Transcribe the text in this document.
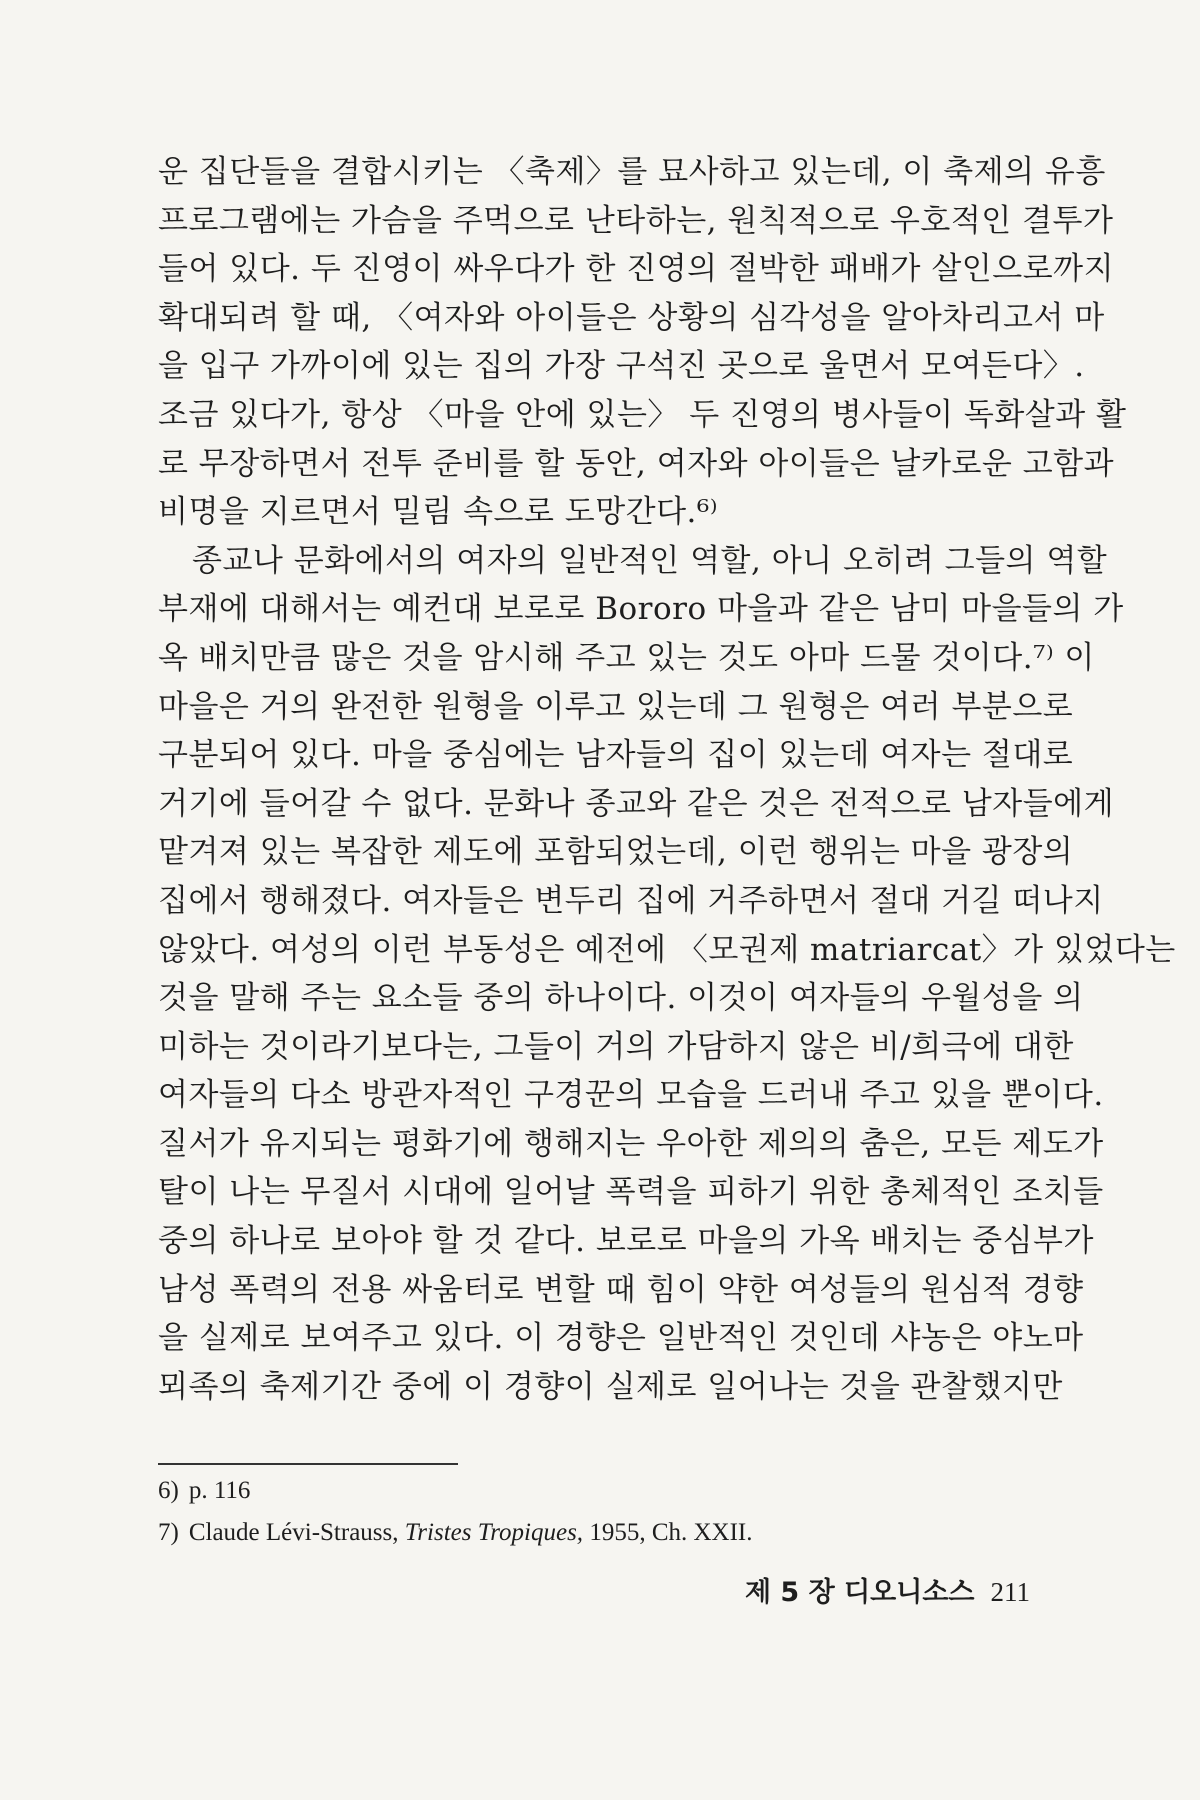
운 집단들을 결합시키는 〈축제〉를 묘사하고 있는데, 이 축제의 유흥
프로그램에는 가슴을 주먹으로 난타하는, 원칙적으로 우호적인 결투가
들어 있다. 두 진영이 싸우다가 한 진영의 절박한 패배가 살인으로까지
확대되려 할 때, 〈여자와 아이들은 상황의 심각성을 알아차리고서 마
을 입구 가까이에 있는 집의 가장 구석진 곳으로 울면서 모여든다〉.
조금 있다가, 항상 〈마을 안에 있는〉 두 진영의 병사들이 독화살과 활
로 무장하면서 전투 준비를 할 동안, 여자와 아이들은 날카로운 고함과
비명을 지르면서 밀림 속으로 도망간다.⁶⁾
종교나 문화에서의 여자의 일반적인 역할, 아니 오히려 그들의 역할
부재에 대해서는 예컨대 보로로 Bororo 마을과 같은 남미 마을들의 가
옥 배치만큼 많은 것을 암시해 주고 있는 것도 아마 드물 것이다.⁷⁾ 이
마을은 거의 완전한 원형을 이루고 있는데 그 원형은 여러 부분으로
구분되어 있다. 마을 중심에는 남자들의 집이 있는데 여자는 절대로
거기에 들어갈 수 없다. 문화나 종교와 같은 것은 전적으로 남자들에게
맡겨져 있는 복잡한 제도에 포함되었는데, 이런 행위는 마을 광장의
집에서 행해졌다. 여자들은 변두리 집에 거주하면서 절대 거길 떠나지
않았다. 여성의 이런 부동성은 예전에 〈모권제 matriarcat〉가 있었다는
것을 말해 주는 요소들 중의 하나이다. 이것이 여자들의 우월성을 의
미하는 것이라기보다는, 그들이 거의 가담하지 않은 비/희극에 대한
여자들의 다소 방관자적인 구경꾼의 모습을 드러내 주고 있을 뿐이다.
질서가 유지되는 평화기에 행해지는 우아한 제의의 춤은, 모든 제도가
탈이 나는 무질서 시대에 일어날 폭력을 피하기 위한 총체적인 조치들
중의 하나로 보아야 할 것 같다. 보로로 마을의 가옥 배치는 중심부가
남성 폭력의 전용 싸움터로 변할 때 힘이 약한 여성들의 원심적 경향
을 실제로 보여주고 있다. 이 경향은 일반적인 것인데 샤농은 야노마
뫼족의 축제기간 중에 이 경향이 실제로 일어나는 것을 관찰했지만
6) p. 116
7) Claude Lévi-Strauss, Tristes Tropiques, 1955, Ch. XXII.
제 5 장 디오니소스 211
